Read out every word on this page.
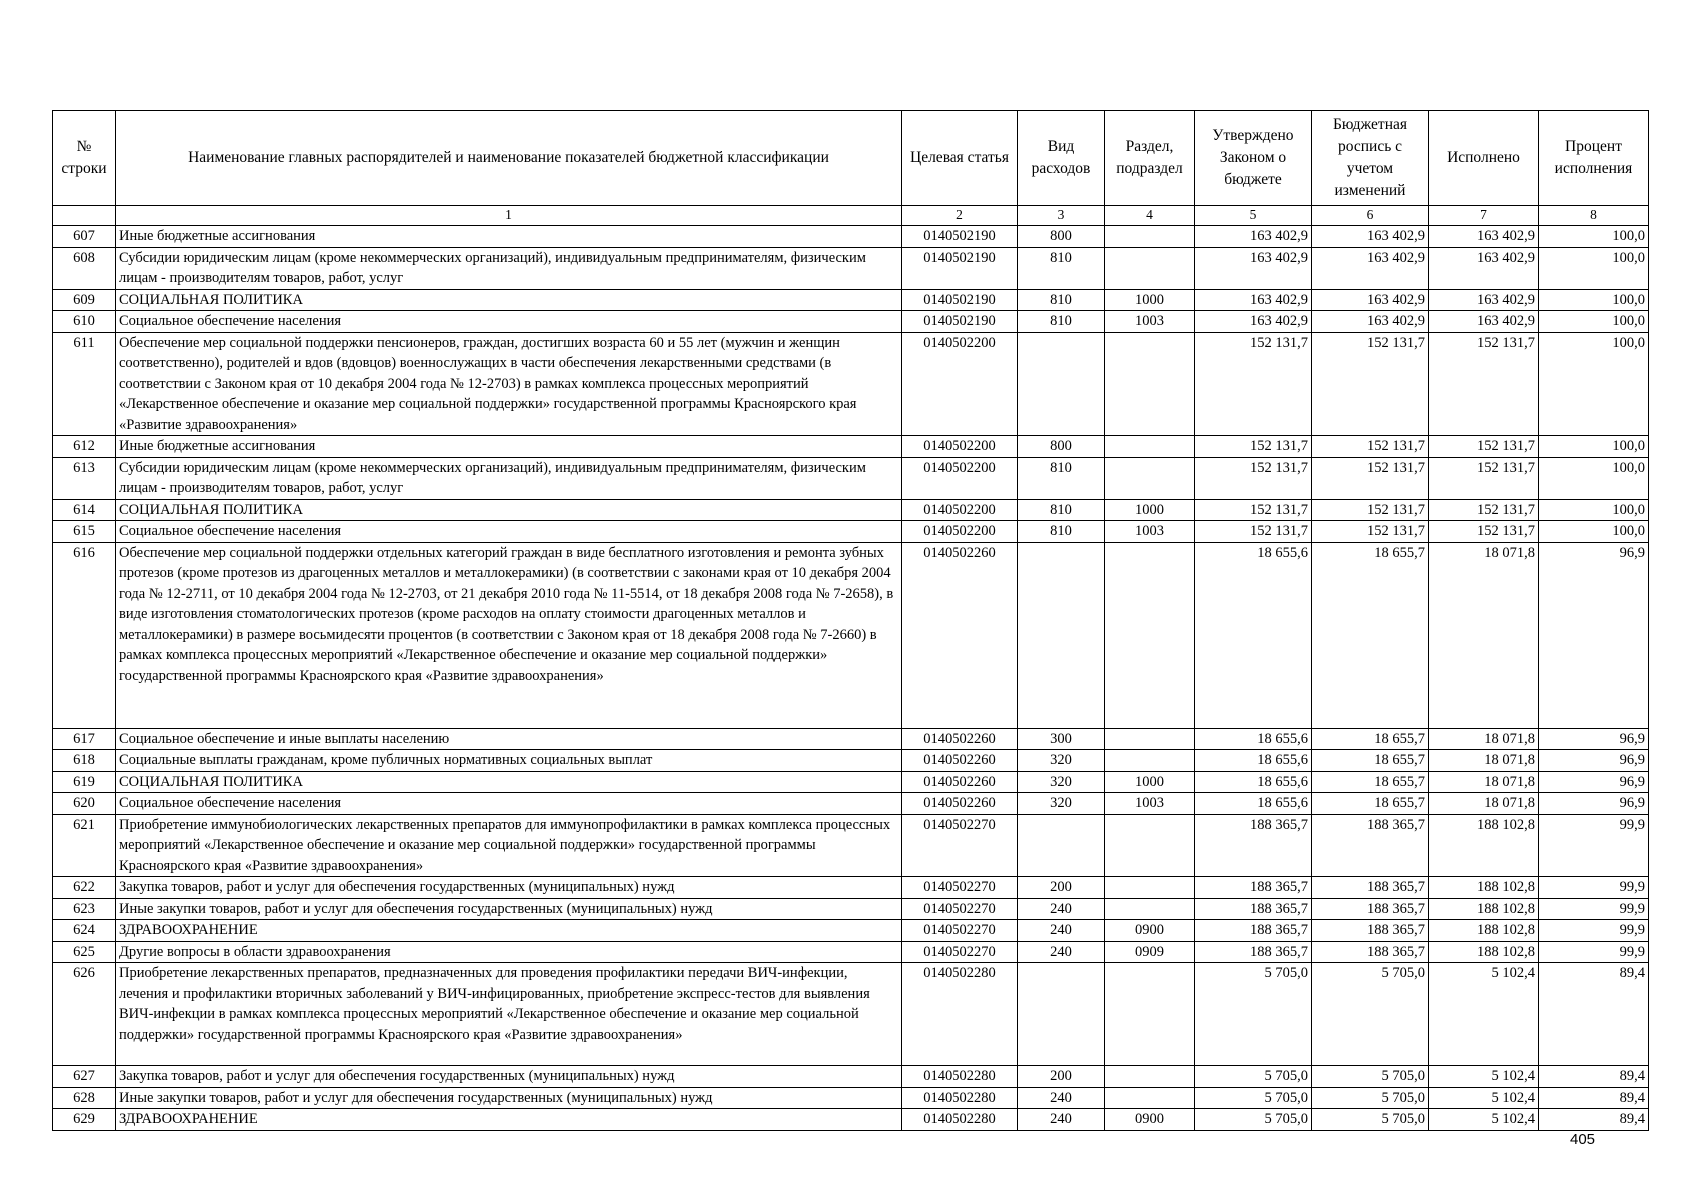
№ строки	Наименование главных распорядителей и наименование показателей бюджетной классификации	Целевая статья	Вид расходов	Раздел, подраздел	Утверждено Законом о бюджете	Бюджетная роспись с учетом изменений	Исполнено	Процент исполнения
	1	2	3	4	5	6	7	8
607	Иные бюджетные ассигнования	0140502190	800		163 402,9	163 402,9	163 402,9	100,0
608	Субсидии юридическим лицам (кроме некоммерческих организаций), индивидуальным предпринимателям, физическим лицам - производителям товаров, работ, услуг	0140502190	810		163 402,9	163 402,9	163 402,9	100,0
609	СОЦИАЛЬНАЯ ПОЛИТИКА	0140502190	810	1000	163 402,9	163 402,9	163 402,9	100,0
610	Социальное обеспечение населения	0140502190	810	1003	163 402,9	163 402,9	163 402,9	100,0
611	Обеспечение мер социальной поддержки пенсионеров, граждан, достигших возраста 60 и 55 лет (мужчин и женщин соответственно), родителей и вдов (вдовцов) военнослужащих в части обеспечения лекарственными средствами (в соответствии с Законом края от 10 декабря 2004 года № 12-2703) в рамках комплекса процессных мероприятий «Лекарственное обеспечение и оказание мер социальной поддержки» государственной программы Красноярского края «Развитие здравоохранения»	0140502200			152 131,7	152 131,7	152 131,7	100,0
612	Иные бюджетные ассигнования	0140502200	800		152 131,7	152 131,7	152 131,7	100,0
613	Субсидии юридическим лицам (кроме некоммерческих организаций), индивидуальным предпринимателям, физическим лицам - производителям товаров, работ, услуг	0140502200	810		152 131,7	152 131,7	152 131,7	100,0
614	СОЦИАЛЬНАЯ ПОЛИТИКА	0140502200	810	1000	152 131,7	152 131,7	152 131,7	100,0
615	Социальное обеспечение населения	0140502200	810	1003	152 131,7	152 131,7	152 131,7	100,0
616	Обеспечение мер социальной поддержки отдельных категорий граждан в виде бесплатного изготовления и ремонта зубных протезов (кроме протезов из драгоценных металлов и металлокерамики) (в соответствии с законами края от 10 декабря 2004 года № 12-2711, от 10 декабря 2004 года № 12-2703, от 21 декабря 2010 года № 11-5514, от 18 декабря 2008 года № 7-2658), в виде изготовления стоматологических протезов (кроме расходов на оплату стоимости драгоценных металлов и металлокерамики) в размере восьмидесяти процентов (в соответствии с Законом края от 18 декабря 2008 года № 7-2660) в рамках комплекса процессных мероприятий «Лекарственное обеспечение и оказание мер социальной поддержки» государственной программы Красноярского края «Развитие здравоохранения»	0140502260			18 655,6	18 655,7	18 071,8	96,9
617	Социальное обеспечение и иные выплаты населению	0140502260	300		18 655,6	18 655,7	18 071,8	96,9
618	Социальные выплаты гражданам, кроме публичных нормативных социальных выплат	0140502260	320		18 655,6	18 655,7	18 071,8	96,9
619	СОЦИАЛЬНАЯ ПОЛИТИКА	0140502260	320	1000	18 655,6	18 655,7	18 071,8	96,9
620	Социальное обеспечение населения	0140502260	320	1003	18 655,6	18 655,7	18 071,8	96,9
621	Приобретение иммунобиологических лекарственных препаратов для иммунопрофилактики в рамках комплекса процессных мероприятий «Лекарственное обеспечение и оказание мер социальной поддержки» государственной программы Красноярского края «Развитие здравоохранения»	0140502270			188 365,7	188 365,7	188 102,8	99,9
622	Закупка товаров, работ и услуг для обеспечения государственных (муниципальных) нужд	0140502270	200		188 365,7	188 365,7	188 102,8	99,9
623	Иные закупки товаров, работ и услуг для обеспечения государственных (муниципальных) нужд	0140502270	240		188 365,7	188 365,7	188 102,8	99,9
624	ЗДРАВООХРАНЕНИЕ	0140502270	240	0900	188 365,7	188 365,7	188 102,8	99,9
625	Другие вопросы в области здравоохранения	0140502270	240	0909	188 365,7	188 365,7	188 102,8	99,9
626	Приобретение лекарственных препаратов, предназначенных для проведения профилактики передачи ВИЧ-инфекции, лечения и профилактики вторичных заболеваний у ВИЧ-инфицированных, приобретение экспресс-тестов для выявления ВИЧ-инфекции в рамках комплекса процессных мероприятий «Лекарственное обеспечение и оказание мер социальной поддержки» государственной программы Красноярского края «Развитие здравоохранения»	0140502280			5 705,0	5 705,0	5 102,4	89,4
627	Закупка товаров, работ и услуг для обеспечения государственных (муниципальных) нужд	0140502280	200		5 705,0	5 705,0	5 102,4	89,4
628	Иные закупки товаров, работ и услуг для обеспечения государственных (муниципальных) нужд	0140502280	240		5 705,0	5 705,0	5 102,4	89,4
629	ЗДРАВООХРАНЕНИЕ	0140502280	240	0900	5 705,0	5 705,0	5 102,4	89,4
405
